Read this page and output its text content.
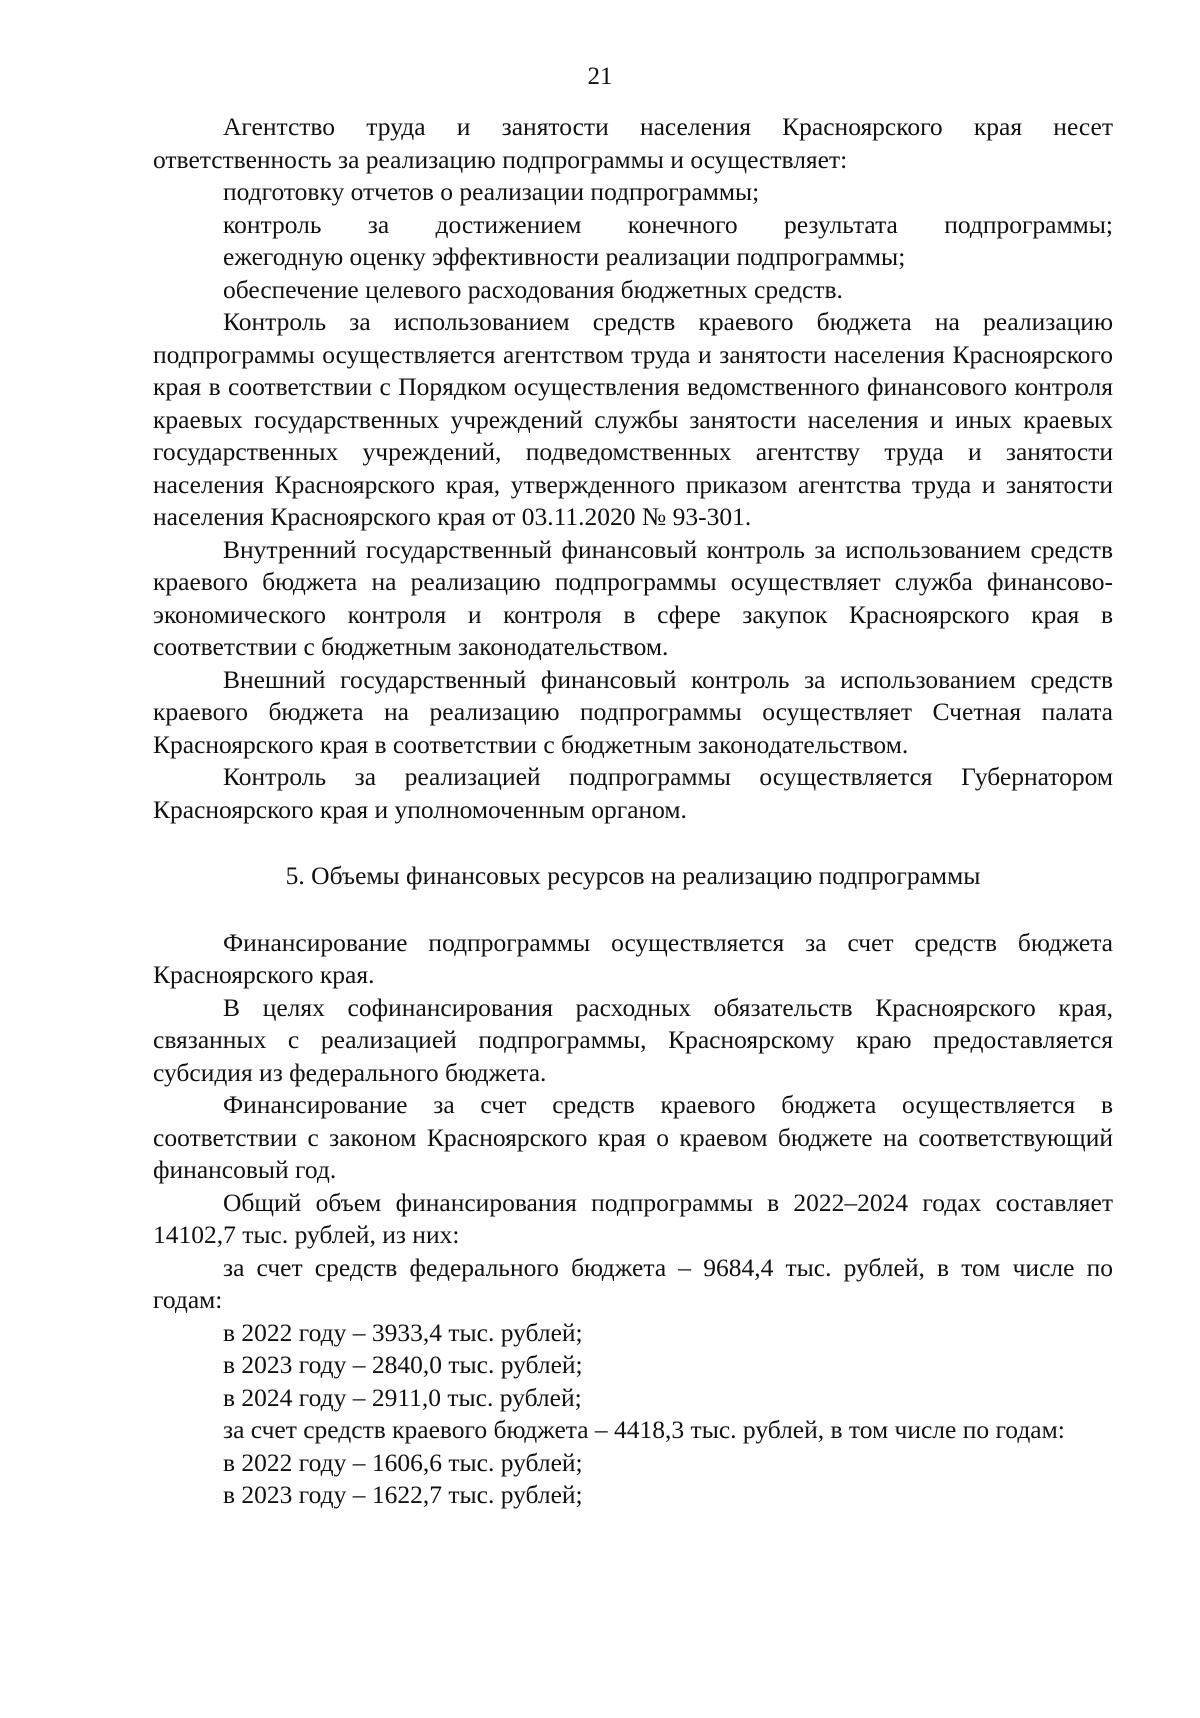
21

Агентство труда и занятости населения Красноярского края несет ответственность за реализацию подпрограммы и осуществляет:

подготовку отчетов о реализации подпрограммы;

контроль за достижением конечного результата подпрограммы;

ежегодную оценку эффективности реализации подпрограммы;

обеспечение целевого расходования бюджетных средств.

Контроль за использованием средств краевого бюджета на реализацию подпрограммы осуществляется агентством труда и занятости населения Красноярского края в соответствии с Порядком осуществления ведомственного финансового контроля краевых государственных учреждений службы занятости населения и иных краевых государственных учреждений, подведомственных агентству труда и занятости населения Красноярского края, утвержденного приказом агентства труда и занятости населения Красноярского края от 03.11.2020 № 93-301.

Внутренний государственный финансовый контроль за использованием средств краевого бюджета на реализацию подпрограммы осуществляет служба финансово-экономического контроля и контроля в сфере закупок Красноярского края в соответствии с бюджетным законодательством.

Внешний государственный финансовый контроль за использованием средств краевого бюджета на реализацию подпрограммы осуществляет Счетная палата Красноярского края в соответствии с бюджетным законодательством.

Контроль за реализацией подпрограммы осуществляется Губернатором Красноярского края и уполномоченным органом.

5. Объемы финансовых ресурсов на реализацию подпрограммы

Финансирование подпрограммы осуществляется за счет средств бюджета Красноярского края.

В целях софинансирования расходных обязательств Красноярского края, связанных с реализацией подпрограммы, Красноярскому краю предоставляется субсидия из федерального бюджета.

Финансирование за счет средств краевого бюджета осуществляется в соответствии с законом Красноярского края о краевом бюджете на соответствующий финансовый год.

Общий объем финансирования подпрограммы в 2022–2024 годах составляет 14102,7 тыс. рублей, из них:

за счет средств федерального бюджета – 9684,4 тыс. рублей, в том числе по годам:

в 2022 году – 3933,4 тыс. рублей;

в 2023 году – 2840,0 тыс. рублей;

в 2024 году – 2911,0 тыс. рублей;

за счет средств краевого бюджета – 4418,3 тыс. рублей, в том числе по годам:

в 2022 году – 1606,6 тыс. рублей;

в 2023 году – 1622,7 тыс. рублей;
